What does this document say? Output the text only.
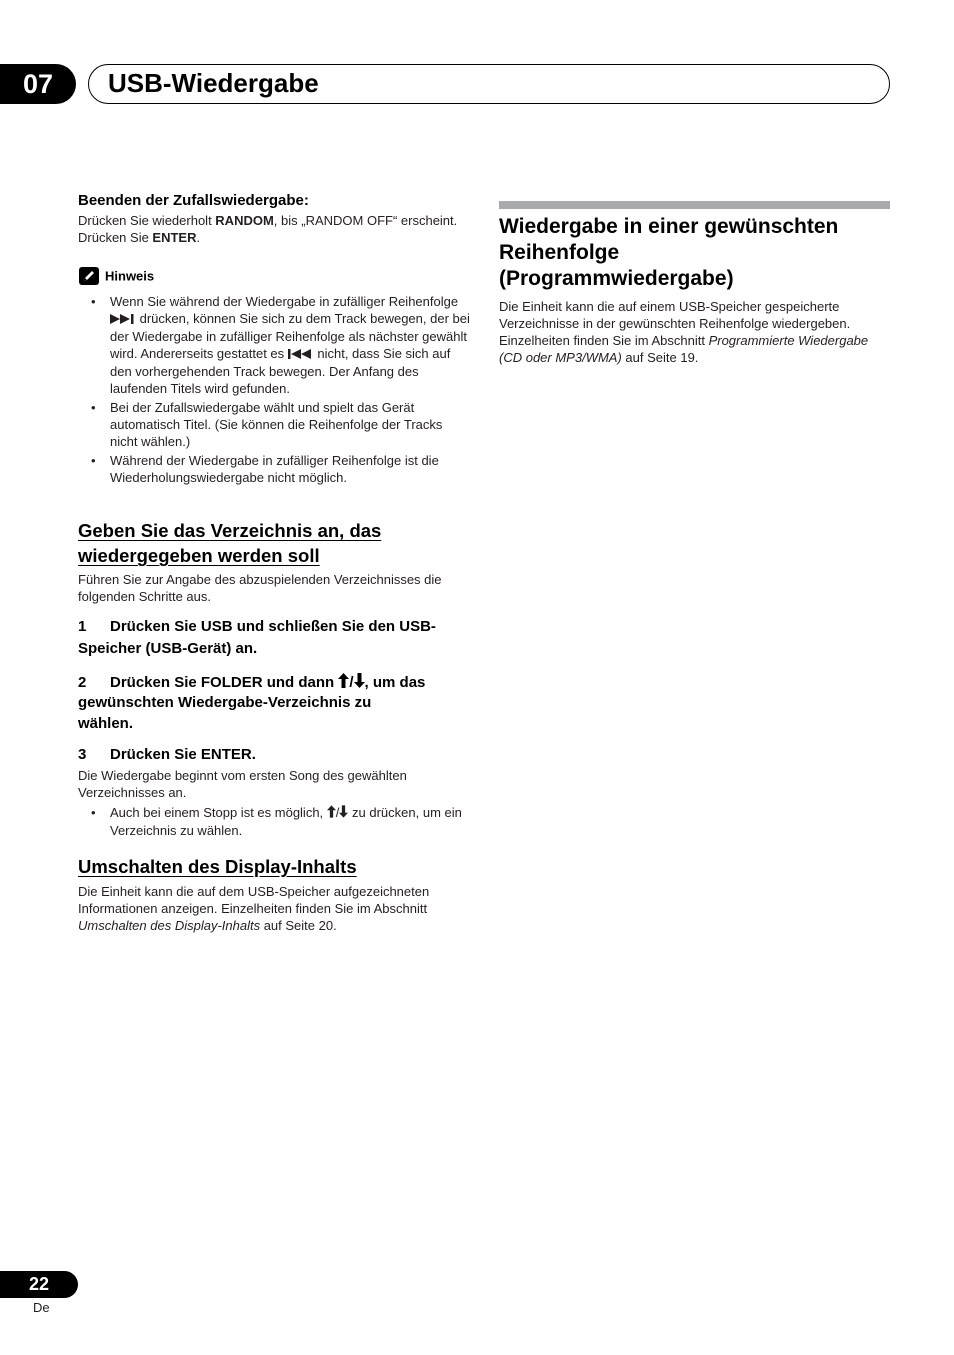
07	USB-Wiedergabe
Beenden der Zufallswiedergabe:
Drücken Sie wiederholt RANDOM, bis „RANDOM OFF“ erscheint. Drücken Sie ENTER.
Hinweis
• Wenn Sie während der Wiedergabe in zufälliger Reihenfolge  drücken, können Sie sich zu dem Track bewegen, der bei der Wiedergabe in zufälliger Reihenfolge als nächster gewählt wird. Andererseits gestattet es  nicht, dass Sie sich auf den vorhergehenden Track bewegen. Der Anfang des laufenden Titels wird gefunden.
• Bei der Zufallswiedergabe wählt und spielt das Gerät automatisch Titel. (Sie können die Reihenfolge der Tracks nicht wählen.)
• Während der Wiedergabe in zufälliger Reihenfolge ist die Wiederholungswiedergabe nicht möglich.
Geben Sie das Verzeichnis an, das
wiedergegeben werden soll
Führen Sie zur Angabe des abzuspielenden Verzeichnisses die folgenden Schritte aus.
1 Drücken Sie USB und schließen Sie den USB-
Speicher (USB-Gerät) an.
2 Drücken Sie FOLDER und dann / , um das
gewünschten Wiedergabe-Verzeichnis zu
wählen.
3 Drücken Sie ENTER.
Die Wiedergabe beginnt vom ersten Song des gewählten Verzeichnisses an.
• Auch bei einem Stopp ist es möglich, / zu drücken, um ein Verzeichnis zu wählen.
Umschalten des Display-Inhalts
Die Einheit kann die auf dem USB-Speicher aufgezeichneten Informationen anzeigen. Einzelheiten finden Sie im Abschnitt Umschalten des Display-Inhalts auf Seite 20.
Wiedergabe in einer gewünschten
Reihenfolge
(Programmwiedergabe)
Die Einheit kann die auf einem USB-Speicher gespeicherte Verzeichnisse in der gewünschten Reihenfolge wiedergeben. Einzelheiten finden Sie im Abschnitt Programmierte Wiedergabe (CD oder MP3/WMA) auf Seite 19.
22
De
